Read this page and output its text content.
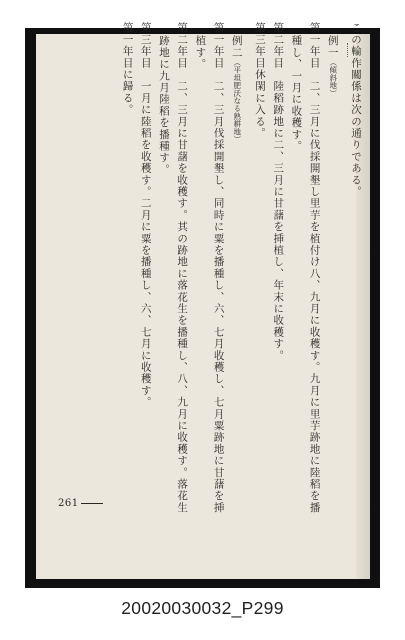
この輪作關係は次の通りである。
例一（傾斜地）
第一年目　二、三月に伐採開墾し里芋を植付け八、九月に收穫す。九月に里芋跡地に陸稻を播
種し、一月に收穫す。
第二年目　陸稻跡地に二、三月に甘藷を挿植し、年末に收穫す。
第三年目休閑に入る。
例二（平坦肥沃なる熟耕地）
第一年目　二、三月伐採開墾し、同時に粟を播種し、六、七月收穫し、七月粟跡地に甘藷を挿
植す。
第二年目　二、三月に甘藷を收穫す。其の跡地に落花生を播種し、八、九月に收穫す。落花生
跡地に九月陸稻を播種す。
第三年目　一月に陸稻を收穫す。二月に粟を播種し、六、七月に收穫す。
第一年目に歸る。
261
20020030032_P299
